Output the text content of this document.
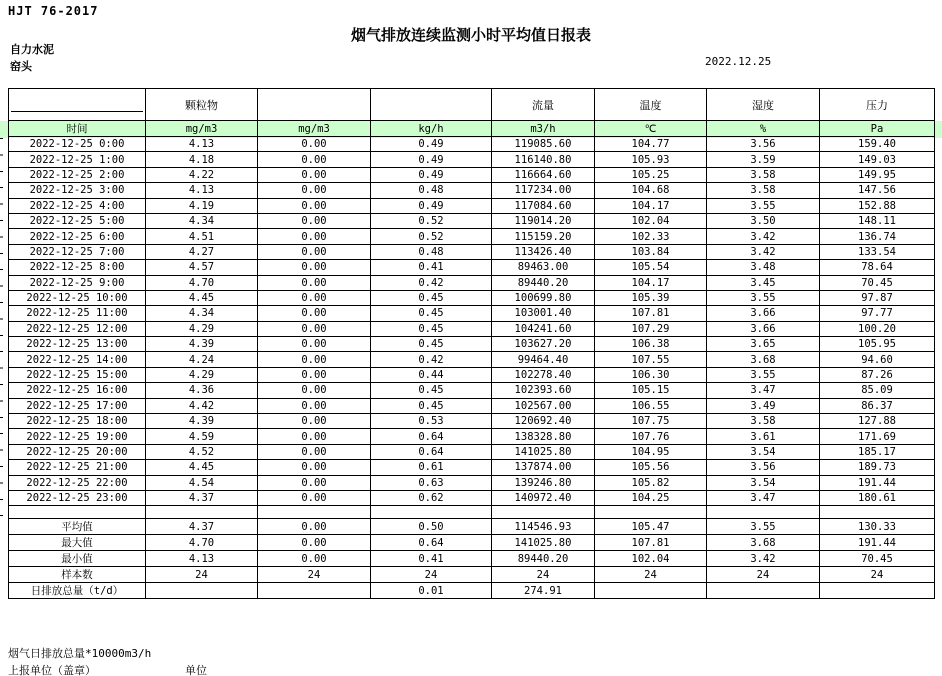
HJT 76-2017
烟气排放连续监测小时平均值日报表
自力水泥
窑头	2022.12.25
	颗粒物			流量	温度	湿度	压力
时间	mg/m3	mg/m3	kg/h	m3/h	℃	%	Pa
2022-12-25 0:00	4.13	0.00	0.49	119085.60	104.77	3.56	159.40
2022-12-25 1:00	4.18	0.00	0.49	116140.80	105.93	3.59	149.03
2022-12-25 2:00	4.22	0.00	0.49	116664.60	105.25	3.58	149.95
2022-12-25 3:00	4.13	0.00	0.48	117234.00	104.68	3.58	147.56
2022-12-25 4:00	4.19	0.00	0.49	117084.60	104.17	3.55	152.88
2022-12-25 5:00	4.34	0.00	0.52	119014.20	102.04	3.50	148.11
2022-12-25 6:00	4.51	0.00	0.52	115159.20	102.33	3.42	136.74
2022-12-25 7:00	4.27	0.00	0.48	113426.40	103.84	3.42	133.54
2022-12-25 8:00	4.57	0.00	0.41	89463.00	105.54	3.48	78.64
2022-12-25 9:00	4.70	0.00	0.42	89440.20	104.17	3.45	70.45
2022-12-25 10:00	4.45	0.00	0.45	100699.80	105.39	3.55	97.87
2022-12-25 11:00	4.34	0.00	0.45	103001.40	107.81	3.66	97.77
2022-12-25 12:00	4.29	0.00	0.45	104241.60	107.29	3.66	100.20
2022-12-25 13:00	4.39	0.00	0.45	103627.20	106.38	3.65	105.95
2022-12-25 14:00	4.24	0.00	0.42	99464.40	107.55	3.68	94.60
2022-12-25 15:00	4.29	0.00	0.44	102278.40	106.30	3.55	87.26
2022-12-25 16:00	4.36	0.00	0.45	102393.60	105.15	3.47	85.09
2022-12-25 17:00	4.42	0.00	0.45	102567.00	106.55	3.49	86.37
2022-12-25 18:00	4.39	0.00	0.53	120692.40	107.75	3.58	127.88
2022-12-25 19:00	4.59	0.00	0.64	138328.80	107.76	3.61	171.69
2022-12-25 20:00	4.52	0.00	0.64	141025.80	104.95	3.54	185.17
2022-12-25 21:00	4.45	0.00	0.61	137874.00	105.56	3.56	189.73
2022-12-25 22:00	4.54	0.00	0.63	139246.80	105.82	3.54	191.44
2022-12-25 23:00	4.37	0.00	0.62	140972.40	104.25	3.47	180.61

平均值	4.37	0.00	0.50	114546.93	105.47	3.55	130.33
最大值	4.70	0.00	0.64	141025.80	107.81	3.68	191.44
最小值	4.13	0.00	0.41	89440.20	102.04	3.42	70.45
样本数	24	24	24	24	24	24	24
日排放总量（t/d）			0.01	274.91			
烟气日排放总量*10000m3/h
上报单位（盖章）	单位
